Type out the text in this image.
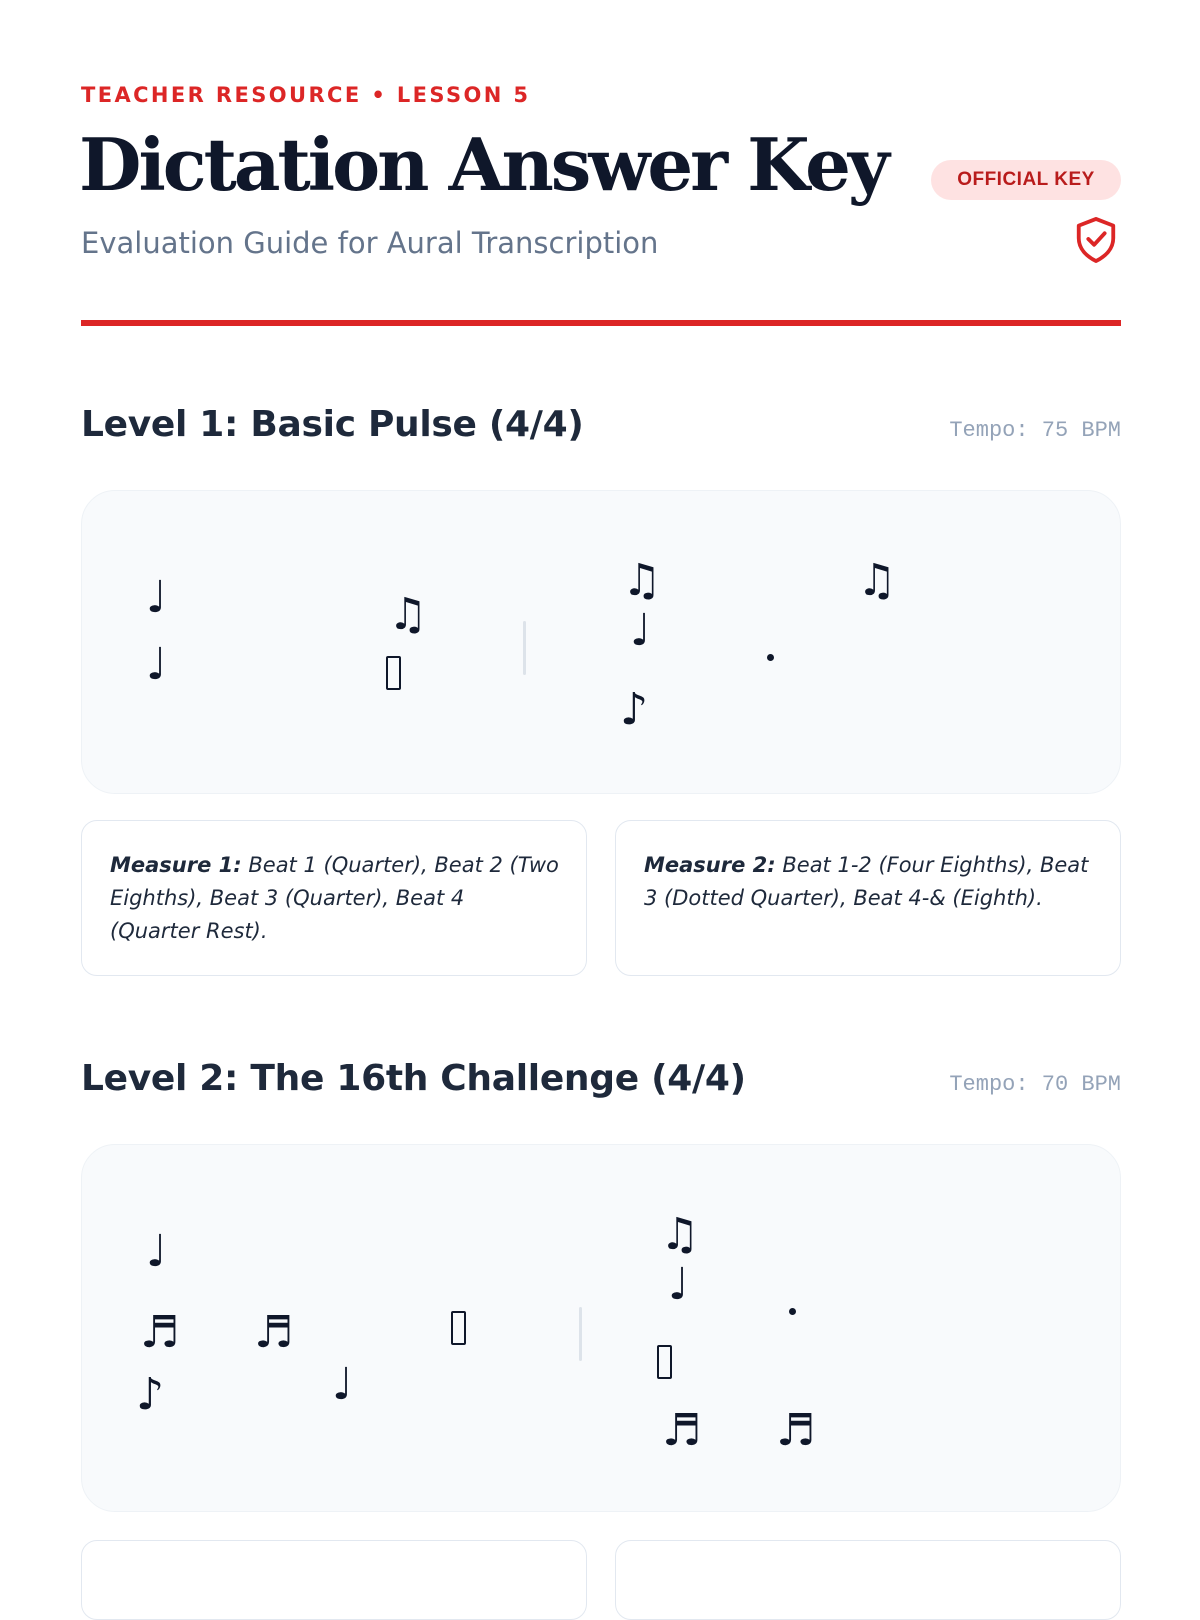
TEACHER RESOURCE • LESSON 5
Dictation Answer Key
Evaluation Guide for Aural Transcription
OFFICIAL KEY
Level 1: Basic Pulse (4/4)	Tempo: 75 BPM
♩
♩
♫
♫
♩
♪
♫
Measure 1: Beat 1 (Quarter), Beat 2 (Two Eighths), Beat 3 (Quarter), Beat 4 (Quarter Rest).
Measure 2: Beat 1-2 (Four Eighths), Beat 3 (Dotted Quarter), Beat 4-& (Eighth).
Level 2: The 16th Challenge (4/4)	Tempo: 70 BPM
♩
♬ ♬
♪	♩
♫
♩
♬ ♬
